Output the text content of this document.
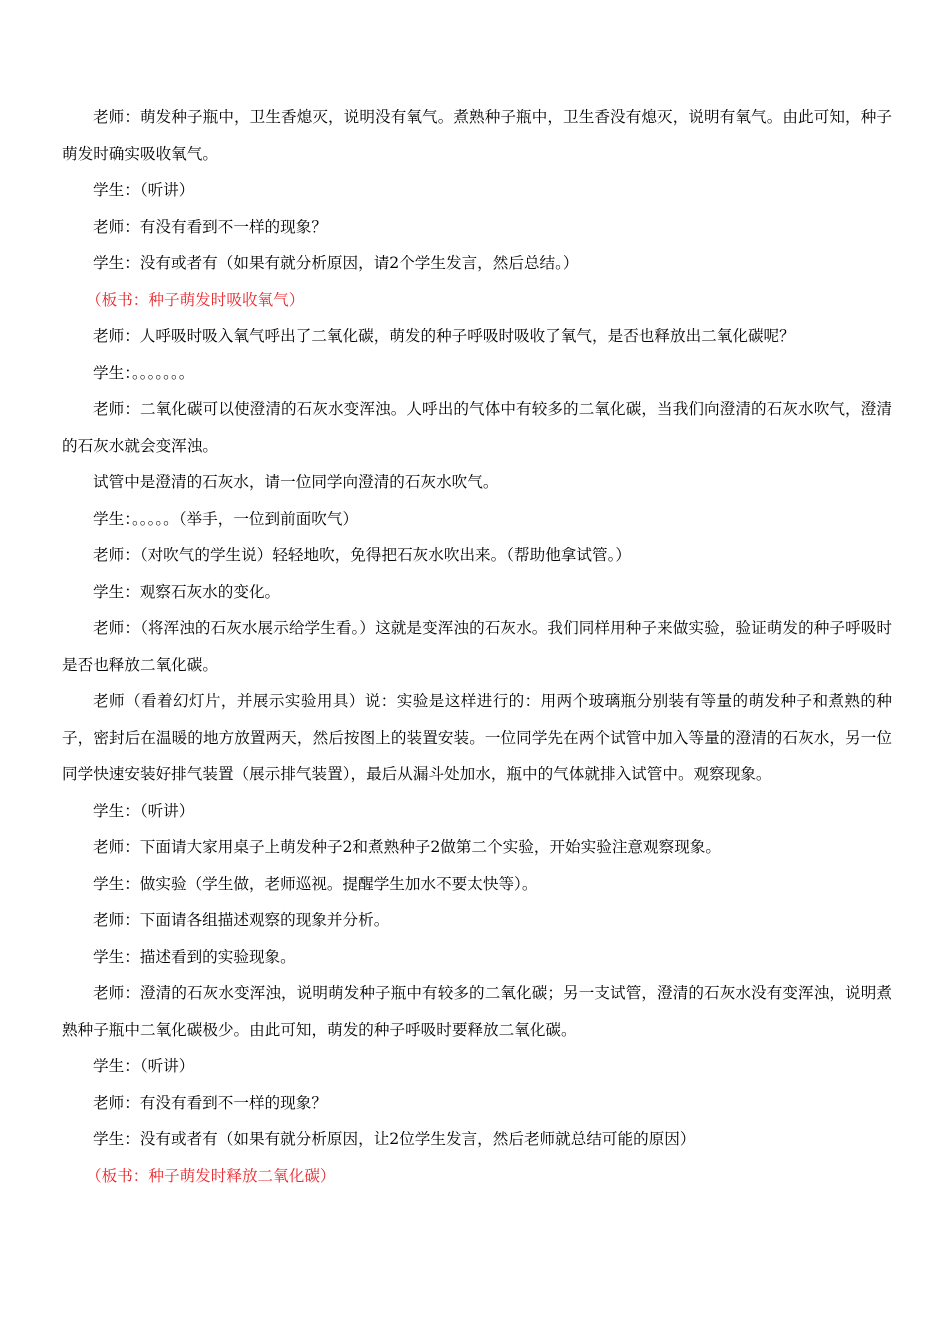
老师：萌发种子瓶中，卫生香熄灭，说明没有氧气。煮熟种子瓶中，卫生香没有熄灭，说明有氧气。由此可知，种子萌发时确实吸收氧气。

学生：（听讲）

老师：有没有看到不一样的现象？

学生：没有或者有（如果有就分析原因，请2个学生发言，然后总结。）

（板书：种子萌发时吸收氧气）

老师：人呼吸时吸入氧气呼出了二氧化碳，萌发的种子呼吸时吸收了氧气，是否也释放出二氧化碳呢？

学生：。。。。。。。

老师：二氧化碳可以使澄清的石灰水变浑浊。人呼出的气体中有较多的二氧化碳，当我们向澄清的石灰水吹气，澄清的石灰水就会变浑浊。

试管中是澄清的石灰水，请一位同学向澄清的石灰水吹气。

学生：。。。。。（举手，一位到前面吹气）

老师：（对吹气的学生说）轻轻地吹，免得把石灰水吹出来。（帮助他拿试管。）

学生：观察石灰水的变化。

老师：（将浑浊的石灰水展示给学生看。）这就是变浑浊的石灰水。我们同样用种子来做实验，验证萌发的种子呼吸时是否也释放二氧化碳。

老师（看着幻灯片，并展示实验用具）说：实验是这样进行的：用两个玻璃瓶分别装有等量的萌发种子和煮熟的种子，密封后在温暖的地方放置两天，然后按图上的装置安装。一位同学先在两个试管中加入等量的澄清的石灰水，另一位同学快速安装好排气装置（展示排气装置），最后从漏斗处加水，瓶中的气体就排入试管中。观察现象。

学生：（听讲）

老师：下面请大家用桌子上萌发种子2和煮熟种子2做第二个实验，开始实验注意观察现象。

学生：做实验（学生做，老师巡视。提醒学生加水不要太快等）。

老师：下面请各组描述观察的现象并分析。

学生：描述看到的实验现象。

老师：澄清的石灰水变浑浊，说明萌发种子瓶中有较多的二氧化碳；另一支试管，澄清的石灰水没有变浑浊，说明煮熟种子瓶中二氧化碳极少。由此可知，萌发的种子呼吸时要释放二氧化碳。

学生：（听讲）

老师：有没有看到不一样的现象？

学生：没有或者有（如果有就分析原因，让2位学生发言，然后老师就总结可能的原因）

（板书：种子萌发时释放二氧化碳）
